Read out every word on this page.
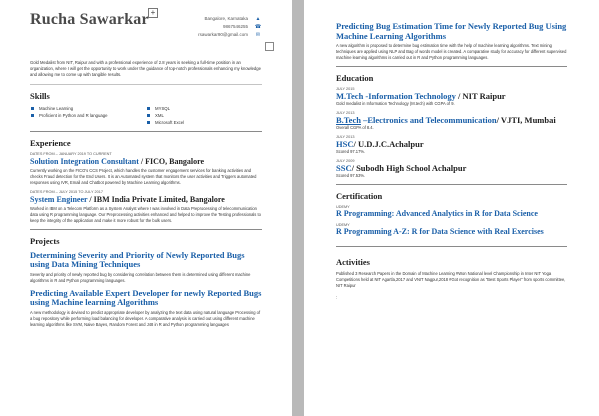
Rucha Sawarkar +
Bangalore, Karnataka ▲
9867546255 ☎
rsawarkar90@gmail.com ✉
Gold Medalist from NIT, Raipur and with a professional experience of 2.8 years is seeking a full-time position in an organization, where I will get the opportunity to work under the guidance of top-notch professionals enhancing my knowledge and allowing me to come up with tangible results.
Skills
Machine Learning
Proficient in Python and R language
MYSQL
XML
Microsoft Excel
Experience
DATES FROM – JANUARY 2019 TO CURRENT
Solution Integration Consultant / FICO, Bangalore
Currently working on the FICO's CCS Project, which handles the customer engagement services for banking activities and checks Fraud detection for the End Users. It is an Automated system that monitors the user activities and Triggers automated responses using IVR, Email and Chatbot powered by Machine Learning algorithms.
DATES FROM – JULY 2015 TO JULY 2017
System Engineer / IBM India Private Limited, Bangalore
Worked in IBM on a Telecom Platform as a System Analyst where I was involved in Data Preprocessing of telecommunication data using R programming language. Our Preprocessing activities enhanced and helped to improve the Testing professionals to keep the integrity of the application and make it more robust for the bulk users.
Projects
Determining Severity and Priority of Newly Reported Bugs using Data Mining Techniques
Severity and priority of newly reported bug by considering correlation between them is determined using different machine algorithms in R and Python programming languages.
Predicting Available Expert Developer for newly Reported Bugs using Machine learning Algorithms
A new methodology is devised to predict appropriate developer by analyzing the text data using natural language Processing of a bug repository while performing load balancing for developer. A comparative analysis is carried out using different machine learning algorithms like SVM, Naive Bayes, Random Forest and J48 in R and Python programming languages
Predicting Bug Estimation Time for Newly Reported Bug Using Machine Learning Algorithms
A new algorithm is proposed to determine bug estimation time with the help of machine learning algorithms. Text mining techniques are applied using NLP and Bag of words model is created. A comparative study for accuracy for different supervised machine learning algorithms is carried out in R and Python programming languages.
Education
JULY 2015
M.Tech -Information Technology / NIT Raipur
Gold medalist in Information Technology (M.tech) with CGPA of 9.
JULY 2013
B.Tech –Electronics and Telecommunication/ VJTI, Mumbai
Overall CGPA of 8.4.
JULY 2013
HSC/ U.D.J.C.Achalpur
Scored 97.17%.
JULY 2009
SSC/ Subodh High School Achalpur
Scored 97.53%.
Certification
UDEMY
R Programming: Advanced Analytics in R for Data Science
UDEMY
R Programming A-Z: R for Data Science with Real Exercises
Activities
Published 3 Research Papers in the Domain of Machine Learning #Won National level Championship in Inter NIT Yoga Competitions held at NIT Agartla,2017 and VNIT Nagpur,2018 #Got recognition as "Best Sports Player" from sports committee, NIT Raipur
:
